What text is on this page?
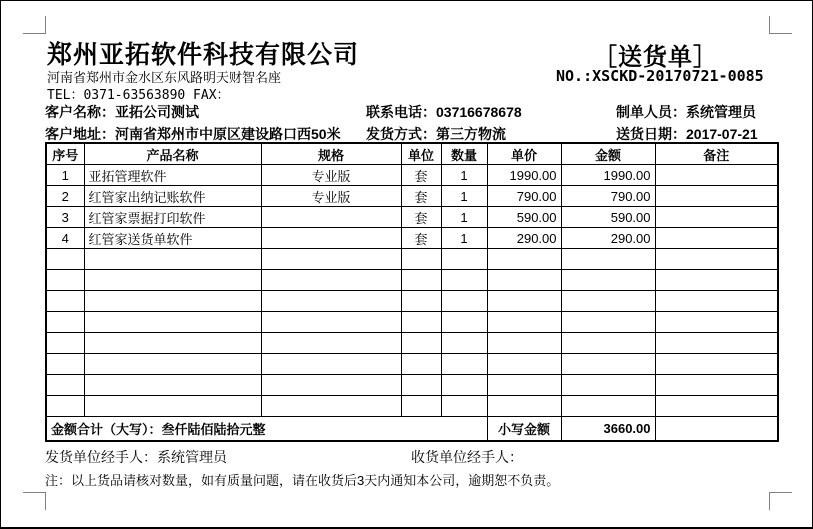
郑州亚拓软件科技有限公司	［送货单］
河南省郑州市金水区东风路明天财智名座
TEL：0371-63563890 FAX：
NO.:XSCKD-20170721-0085
客户名称：亚拓公司测试	联系电话：03716678678	制单人员：系统管理员
客户地址：河南省郑州市中原区建设路口西50米 发货方式：第三方物流	送货日期：2017-07-21
序号	产品名称	规格	单位	数量	单价	金额	备注
1	亚拓管理软件	专业版	套	1	1990.00	1990.00	
2	红管家出纳记账软件	专业版	套	1	790.00	790.00	
3	红管家票据打印软件		套	1	590.00	590.00	
4	红管家送货单软件		套	1	290.00	290.00	

金额合计（大写）：叁仟陆佰陆拾元整					小写金额	3660.00	
发货单位经手人：系统管理员	收货单位经手人：
注：以上货品请核对数量，如有质量问题，请在收货后3天内通知本公司，逾期恕不负责。
